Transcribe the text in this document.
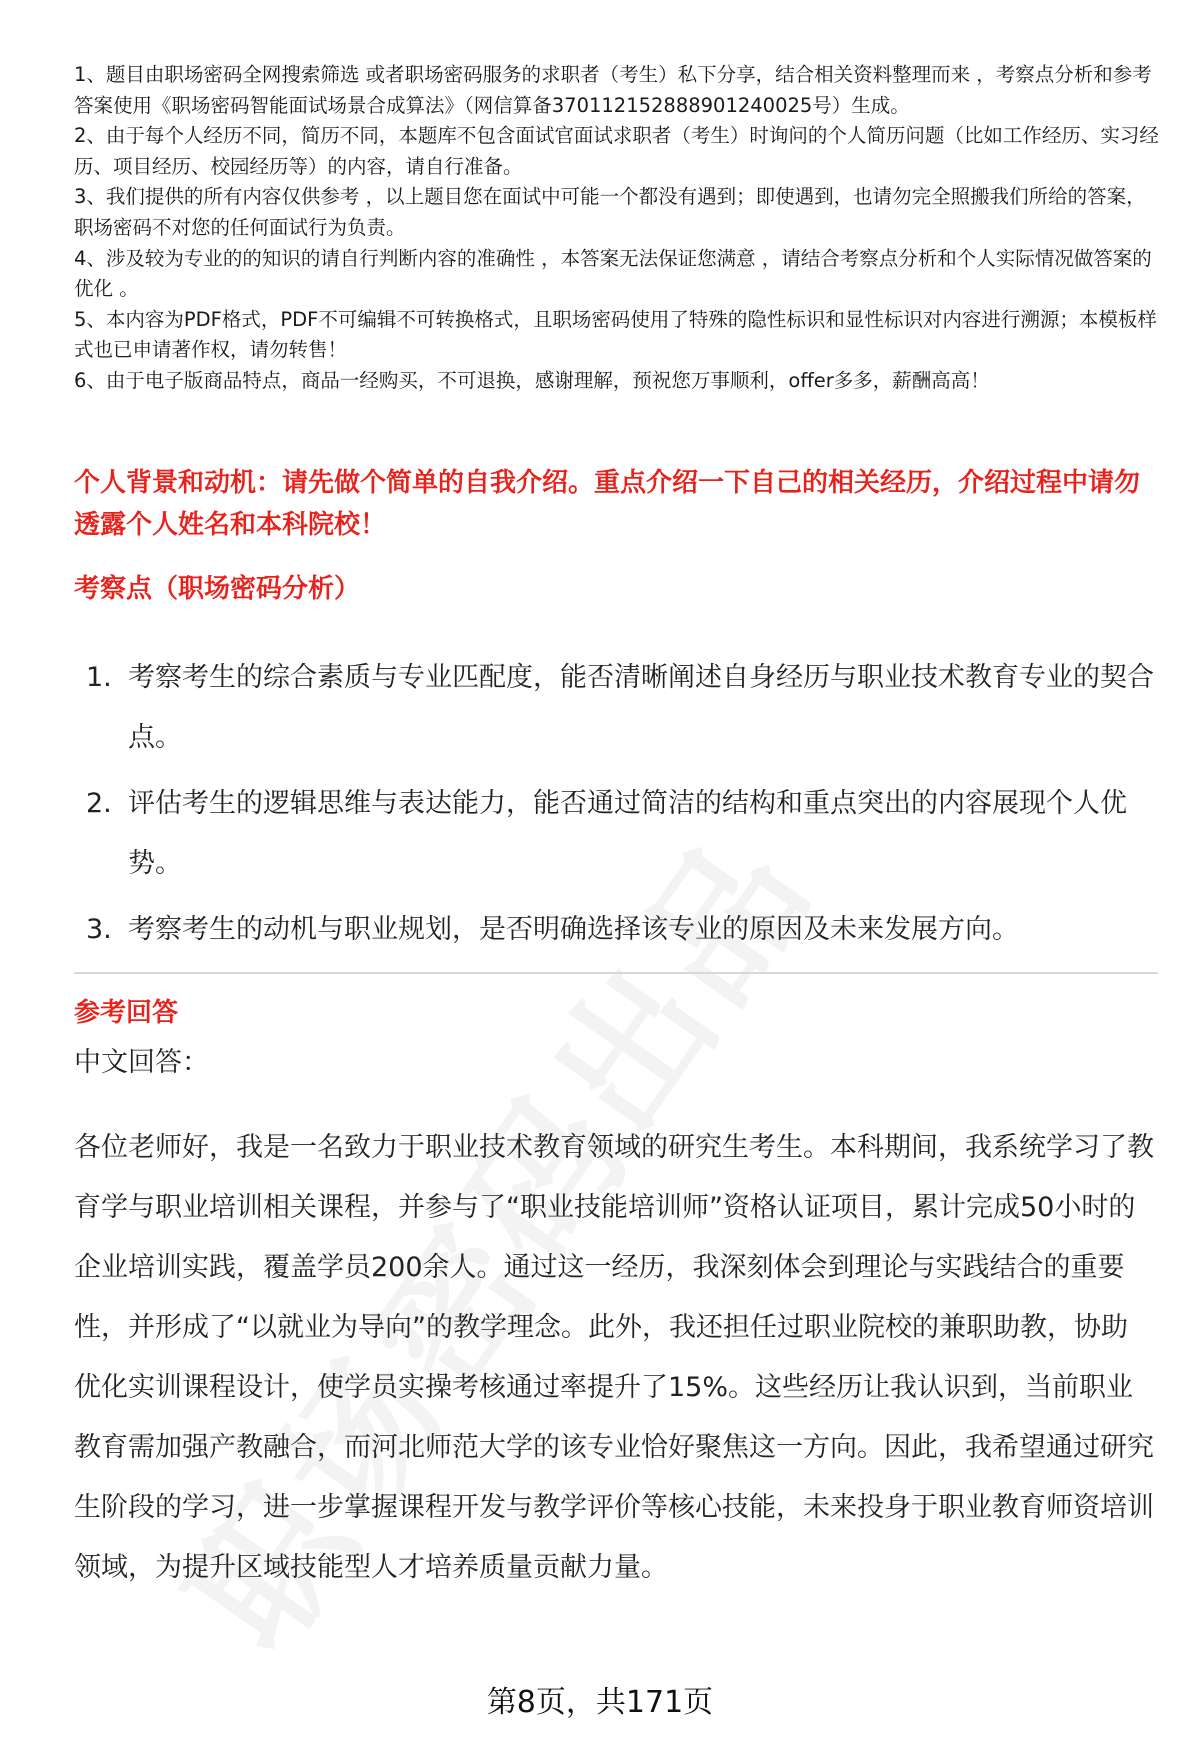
1、题目由职场密码全网搜索筛选 或者职场密码服务的求职者（考生）私下分享，结合相关资料整理而来 ，考察点分析和参考答案使用《职场密码智能面试场景合成算法》（网信算备370112152888901240025号）生成。

2、由于每个人经历不同，简历不同，本题库不包含面试官面试求职者（考生）时询问的个人简历问题（比如工作经历、实习经历、项目经历、校园经历等）的内容，请自行准备。

3、我们提供的所有内容仅供参考 ，以上题目您在面试中可能一个都没有遇到；即使遇到，也请勿完全照搬我们所给的答案，职场密码不对您的任何面试行为负责。

4、涉及较为专业的的知识的请自行判断内容的准确性 ，本答案无法保证您满意 ，请结合考察点分析和个人实际情况做答案的优化 。

5、本内容为PDF格式，PDF不可编辑不可转换格式，且职场密码使用了特殊的隐性标识和显性标识对内容进行溯源；本模板样式也已申请著作权，请勿转售！

6、由于电子版商品特点，商品一经购买，不可退换，感谢理解，预祝您万事顺利，offer多多，薪酬高高！

个人背景和动机：请先做个简单的自我介绍。重点介绍一下自己的相关经历，介绍过程中请勿透露个人姓名和本科院校！
考察点（职场密码分析）
1. 考察考生的综合素质与专业匹配度，能否清晰阐述自身经历与职业技术教育专业的契合点。
2. 评估考生的逻辑思维与表达能力，能否通过简洁的结构和重点突出的内容展现个人优势。
3. 考察考生的动机与职业规划，是否明确选择该专业的原因及未来发展方向。
参考回答
中文回答：

各位老师好，我是一名致力于职业技术教育领域的研究生考生。本科期间，我系统学习了教育学与职业培训相关课程，并参与了“职业技能培训师”资格认证项目，累计完成50小时的企业培训实践，覆盖学员200余人。通过这一经历，我深刻体会到理论与实践结合的重要性，并形成了“以就业为导向”的教学理念。此外，我还担任过职业院校的兼职助教，协助优化实训课程设计，使学员实操考核通过率提升了15%。这些经历让我认识到，当前职业教育需加强产教融合，而河北师范大学的该专业恰好聚焦这一方向。因此，我希望通过研究生阶段的学习，进一步掌握课程开发与教学评价等核心技能，未来投身于职业教育师资培训领域，为提升区域技能型人才培养质量贡献力量。

第8页，共171页
